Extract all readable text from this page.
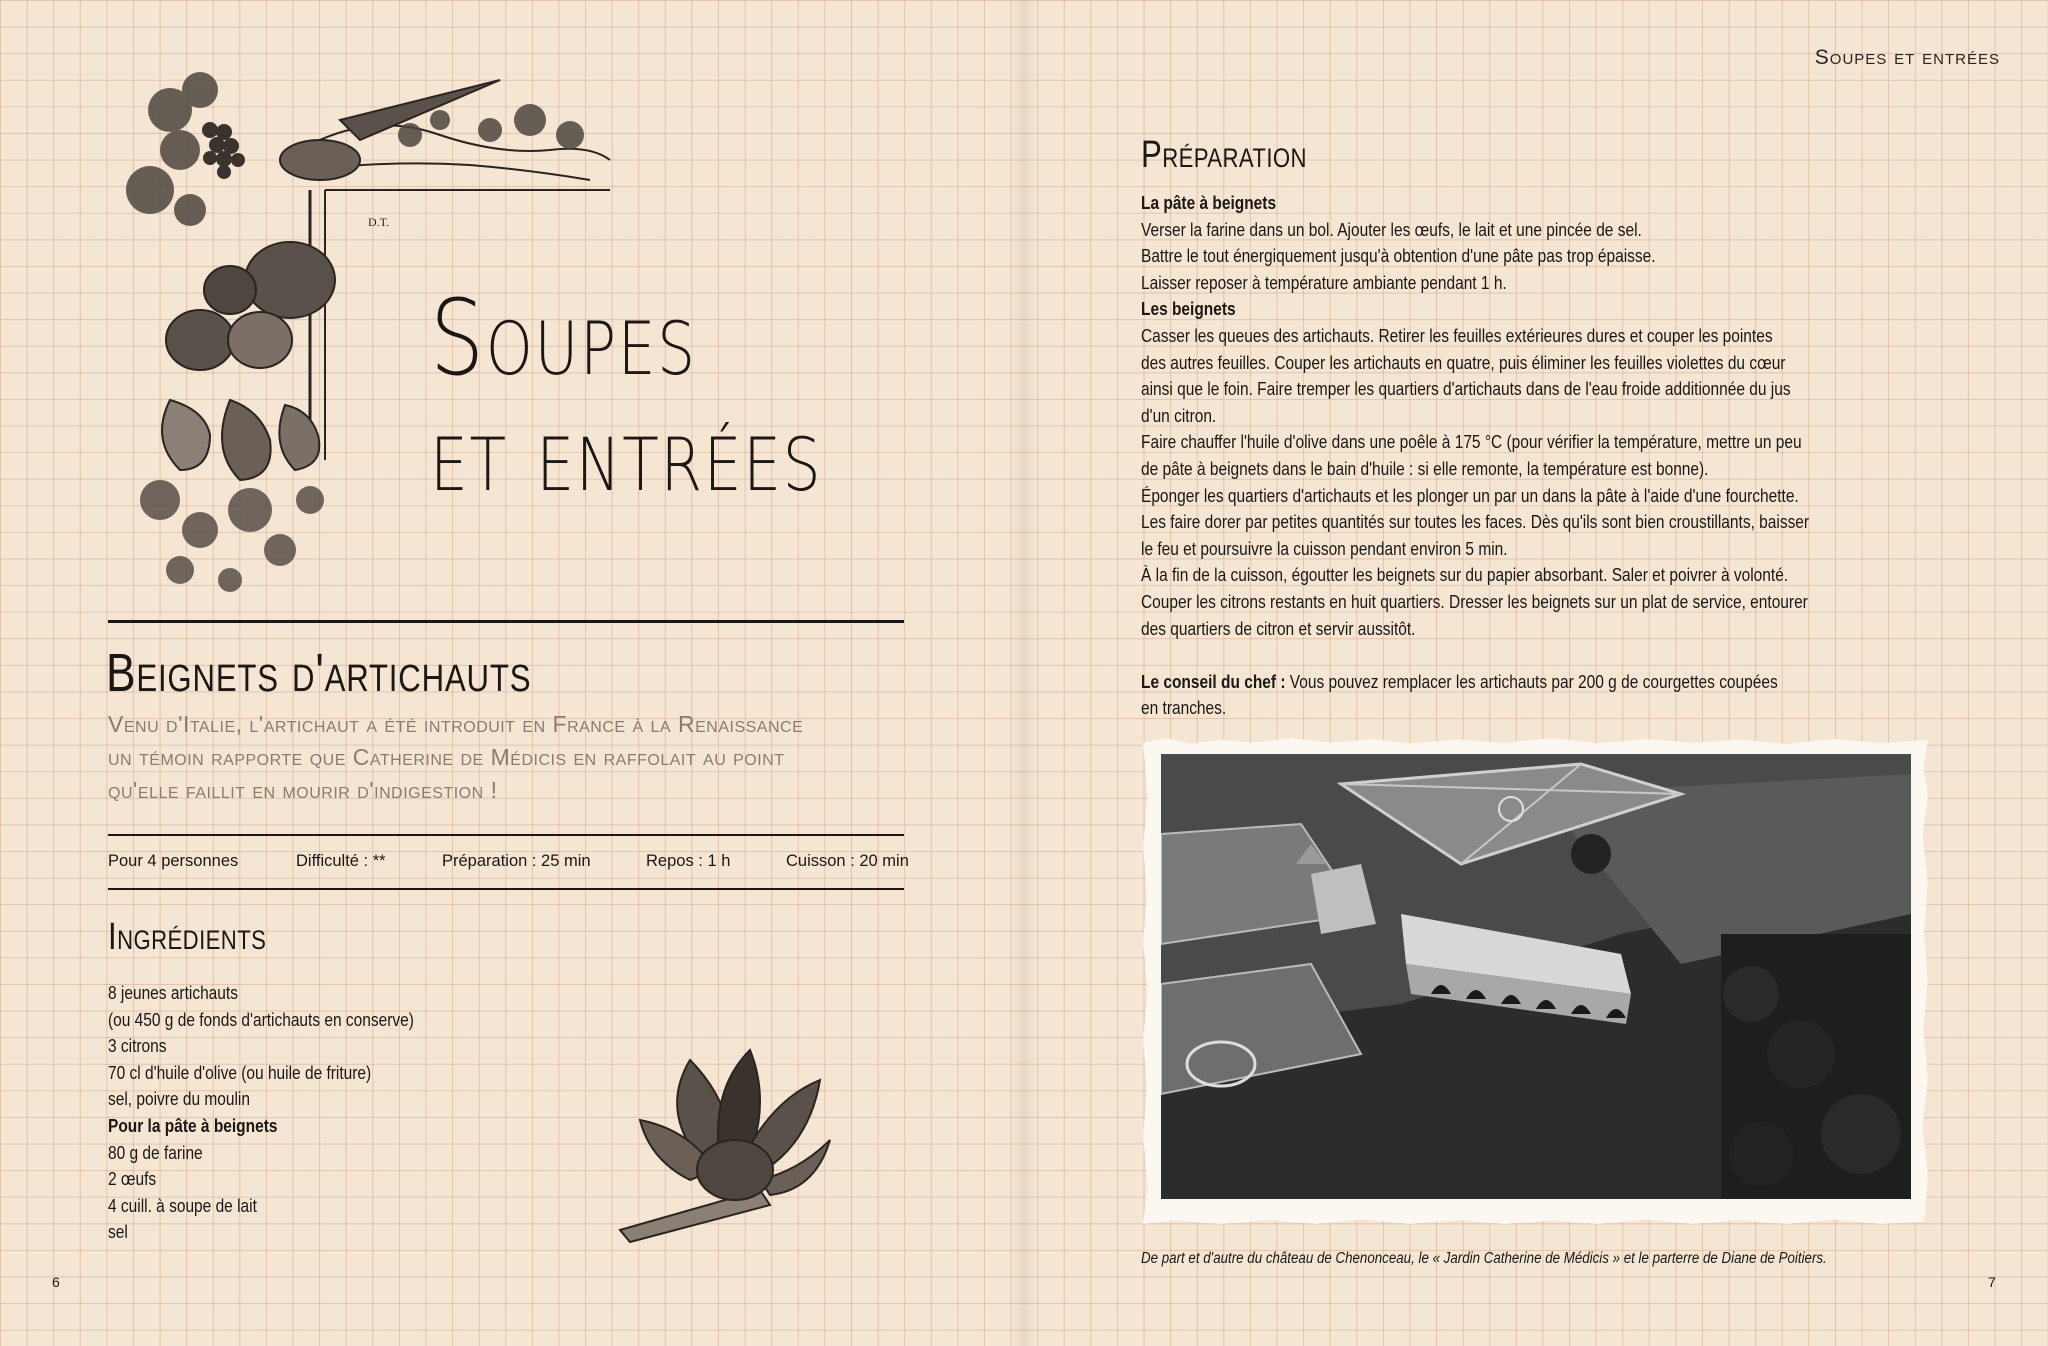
D.T.
Soupes
et entrées
Beignets d'artichauts
Venu d'Italie, l'artichaut a été introduit en France à la Renaissance
un témoin rapporte que Catherine de Médicis en raffolait au point
qu'elle faillit en mourir d'indigestion !
Pour 4 personnes	Difficulté : **	Préparation : 25 min	Repos : 1 h	Cuisson : 20 min
Ingrédients
8 jeunes artichauts
(ou 450 g de fonds d'artichauts en conserve)
3 citrons
70 cl d'huile d'olive (ou huile de friture)
sel, poivre du moulin
Pour la pâte à beignets
80 g de farine
2 œufs
4 cuill. à soupe de lait
sel
6
Soupes et entrées
Préparation
La pâte à beignets
Verser la farine dans un bol. Ajouter les œufs, le lait et une pincée de sel.
Battre le tout énergiquement jusqu'à obtention d'une pâte pas trop épaisse.
Laisser reposer à température ambiante pendant 1 h.
Les beignets
Casser les queues des artichauts. Retirer les feuilles extérieures dures et couper les pointes
des autres feuilles. Couper les artichauts en quatre, puis éliminer les feuilles violettes du cœur
ainsi que le foin. Faire tremper les quartiers d'artichauts dans de l'eau froide additionnée du jus
d'un citron.
Faire chauffer l'huile d'olive dans une poêle à 175 °C (pour vérifier la température, mettre un peu
de pâte à beignets dans le bain d'huile : si elle remonte, la température est bonne).
Éponger les quartiers d'artichauts et les plonger un par un dans la pâte à l'aide d'une fourchette.
Les faire dorer par petites quantités sur toutes les faces. Dès qu'ils sont bien croustillants, baisser
le feu et poursuivre la cuisson pendant environ 5 min.
À la fin de la cuisson, égoutter les beignets sur du papier absorbant. Saler et poivrer à volonté.
Couper les citrons restants en huit quartiers. Dresser les beignets sur un plat de service, entourer
des quartiers de citron et servir aussitôt.
Le conseil du chef : Vous pouvez remplacer les artichauts par 200 g de courgettes coupées
en tranches.
De part et d'autre du château de Chenonceau, le « Jardin Catherine de Médicis » et le parterre de Diane de Poitiers.
7
